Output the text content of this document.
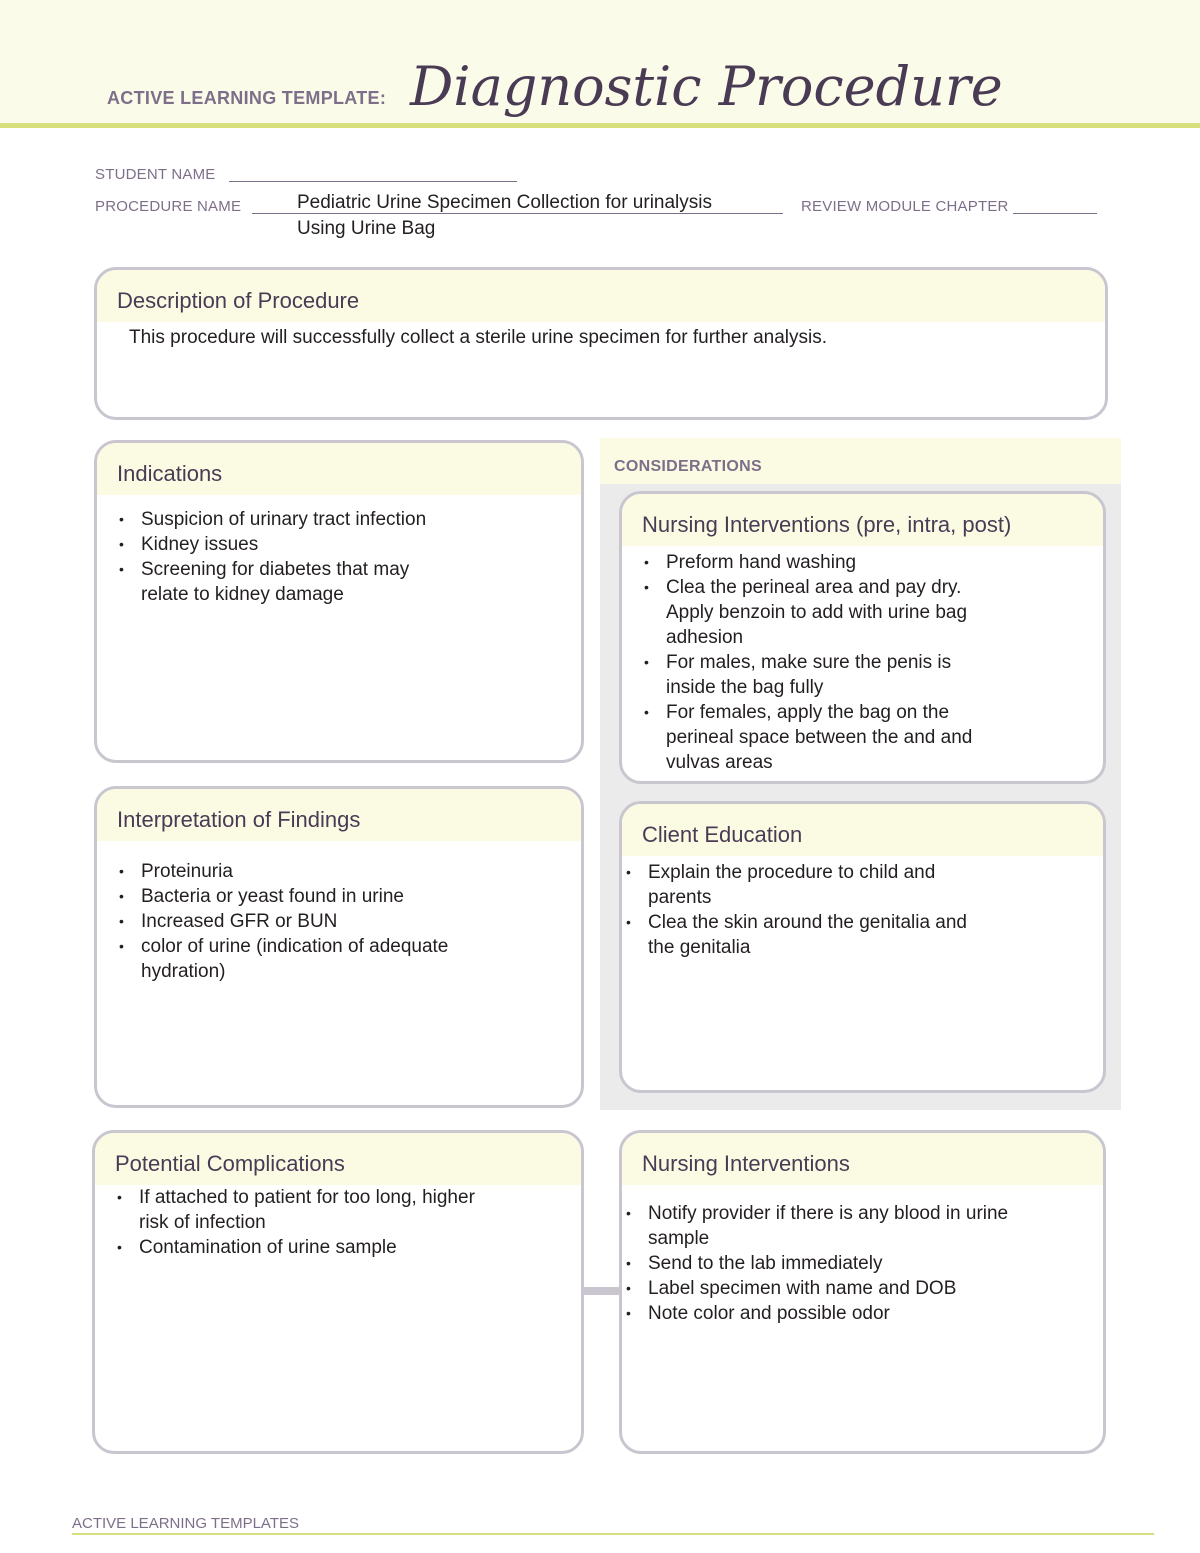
ACTIVE LEARNING TEMPLATE: Diagnostic Procedure
STUDENT NAME
PROCEDURE NAME	Pediatric Urine Specimen Collection for urinalysis
Using Urine Bag
REVIEW MODULE CHAPTER
Description of Procedure

This procedure will successfully collect a sterile urine specimen for further analysis.

Indications
• Suspicion of urinary tract infection
• Kidney issues
• Screening for diabetes that may relate to kidney damage
CONSIDERATIONS
Nursing Interventions (pre, intra, post)
• Preform hand washing
• Clea the perineal area and pay dry. Apply benzoin to add with urine bag adhesion
• For males, make sure the penis is inside the bag fully
• For females, apply the bag on the perineal space between the and and vulvas areas
Interpretation of Findings
• Proteinuria
• Bacteria or yeast found in urine
• Increased GFR or BUN
• color of urine (indication of adequate hydration)
Client Education
• Explain the procedure to child and parents
• Clea the skin around the genitalia and the genitalia
Potential Complications
• If attached to patient for too long, higher risk of infection
• Contamination of urine sample
Nursing Interventions
• Notify provider if there is any blood in urine sample
• Send to the lab immediately
• Label specimen with name and DOB
• Note color and possible odor
ACTIVE LEARNING TEMPLATES
